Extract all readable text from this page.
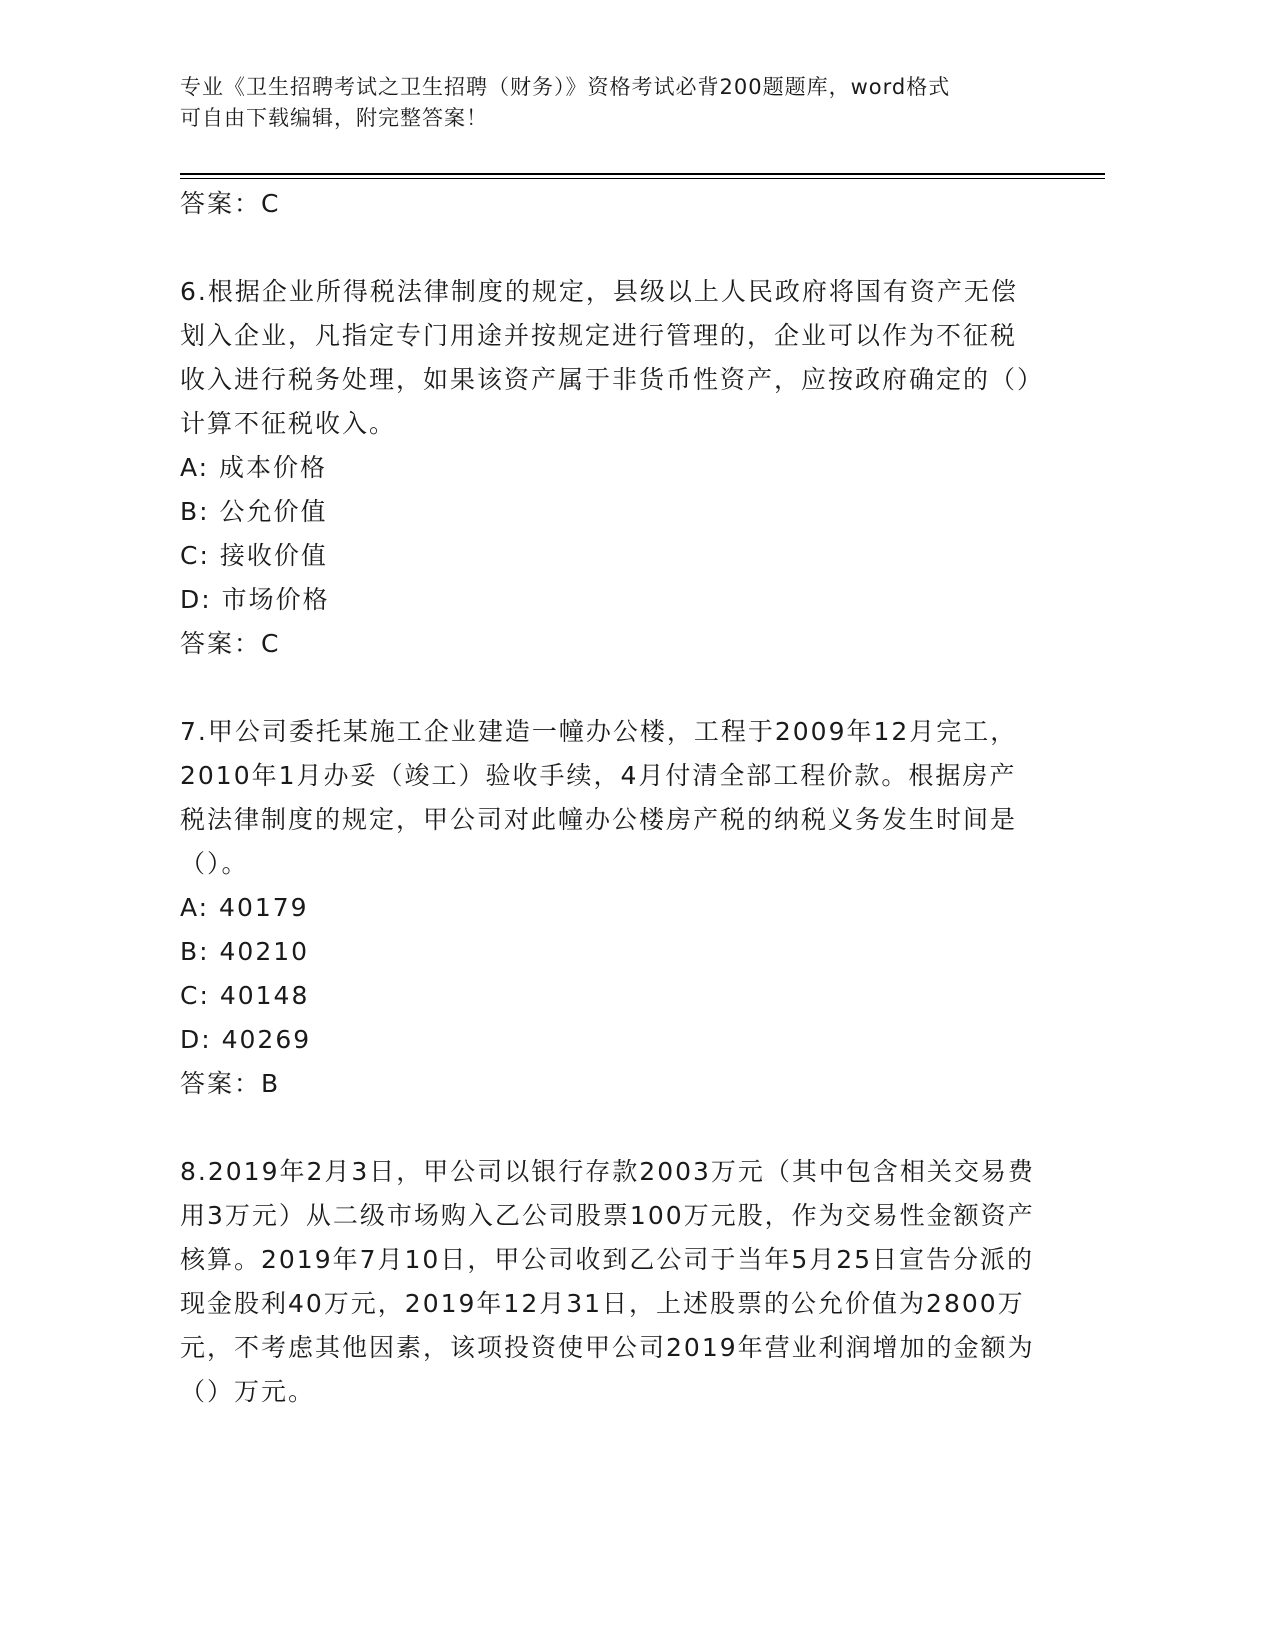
专业《卫生招聘考试之卫生招聘（财务）》资格考试必背200题题库，word格式
可自由下载编辑，附完整答案！

答案：C

6.根据企业所得税法律制度的规定，县级以上人民政府将国有资产无偿划入企业，凡指定专门用途并按规定进行管理的，企业可以作为不征税收入进行税务处理，如果该资产属于非货币性资产，应按政府确定的（）计算不征税收入。

A: 成本价格

B: 公允价值

C: 接收价值

D: 市场价格

答案：C

7.甲公司委托某施工企业建造一幢办公楼，工程于2009年12月完工，2010年1月办妥（竣工）验收手续，4月付清全部工程价款。根据房产税法律制度的规定，甲公司对此幢办公楼房产税的纳税义务发生时间是（）。

A: 40179

B: 40210

C: 40148

D: 40269

答案：B

8.2019年2月3日，甲公司以银行存款2003万元（其中包含相关交易费用3万元）从二级市场购入乙公司股票100万元股，作为交易性金额资产核算。2019年7月10日，甲公司收到乙公司于当年5月25日宣告分派的现金股利40万元，2019年12月31日，上述股票的公允价值为2800万元，不考虑其他因素，该项投资使甲公司2019年营业利润增加的金额为（）万元。
